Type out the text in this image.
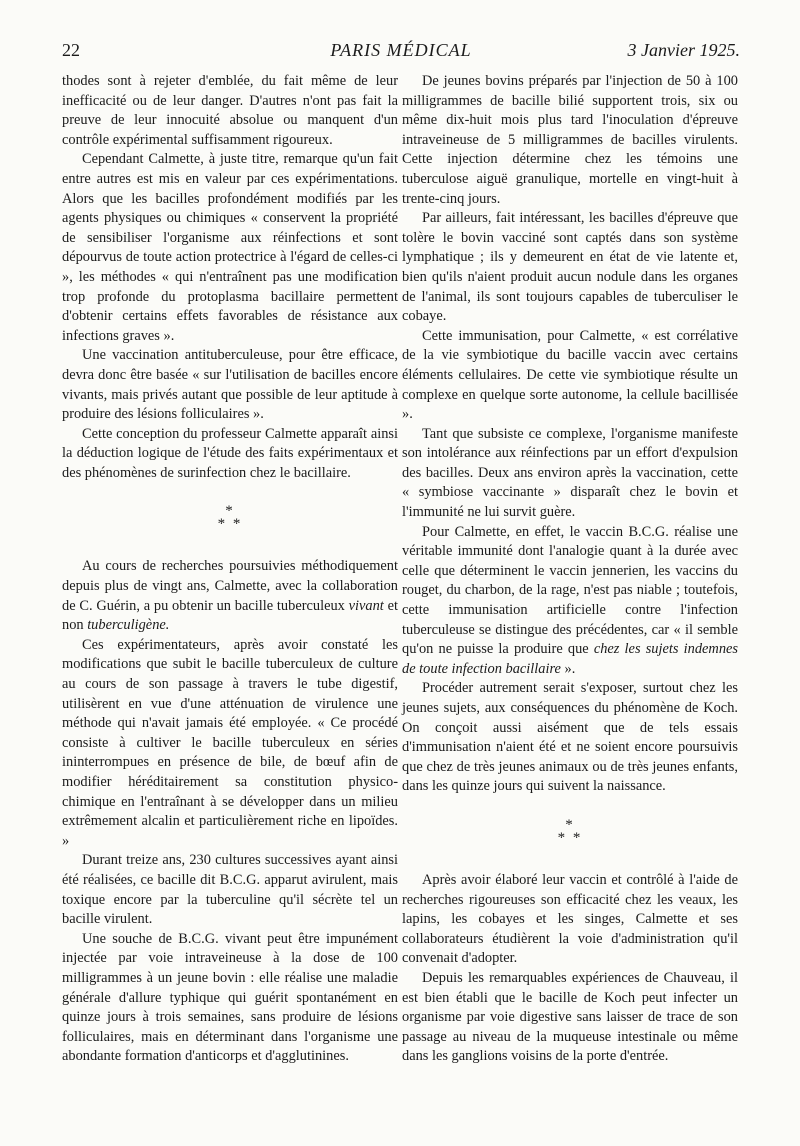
22	PARIS MÉDICAL	3 Janvier 1925.

thodes sont à rejeter d'emblée, du fait même de leur inefficacité ou de leur danger. D'autres n'ont pas fait la preuve de leur innocuité absolue ou manquent d'un contrôle expérimental suffisamment rigoureux.

Cependant Calmette, à juste titre, remarque qu'un fait entre autres est mis en valeur par ces expérimentations. Alors que les bacilles profondément modifiés par les agents physiques ou chimiques « conservent la propriété de sensibiliser l'organisme aux réinfections et sont dépourvus de toute action protectrice à l'égard de celles-ci », les méthodes « qui n'entraînent pas une modification trop profonde du protoplasma bacillaire permettent d'obtenir certains effets favorables de résistance aux infections graves ».

Une vaccination antituberculeuse, pour être efficace, devra donc être basée « sur l'utilisation de bacilles encore vivants, mais privés autant que possible de leur aptitude à produire des lésions folliculaires ».

Cette conception du professeur Calmette apparaît ainsi la déduction logique de l'étude des faits expérimentaux et des phénomènes de surinfection chez le bacillaire.

*
* *

Au cours de recherches poursuivies méthodiquement depuis plus de vingt ans, Calmette, avec la collaboration de C. Guérin, a pu obtenir un bacille tuberculeux vivant et non tuberculigène.

Ces expérimentateurs, après avoir constaté les modifications que subit le bacille tuberculeux de culture au cours de son passage à travers le tube digestif, utilisèrent en vue d'une atténuation de virulence une méthode qui n'avait jamais été employée. « Ce procédé consiste à cultiver le bacille tuberculeux en séries ininterrompues en présence de bile, de bœuf afin de modifier héréditairement sa constitution physico-chimique en l'entraînant à se développer dans un milieu extrêmement alcalin et particulièrement riche en lipoïdes. »

Durant treize ans, 230 cultures successives ayant ainsi été réalisées, ce bacille dit B.C.G. apparut avirulent, mais toxique encore par la tuberculine qu'il sécrète tel un bacille virulent.

Une souche de B.C.G. vivant peut être impunément injectée par voie intraveineuse à la dose de 100 milligrammes à un jeune bovin : elle réalise une maladie générale d'allure typhique qui guérit spontanément en quinze jours à trois semaines, sans produire de lésions folliculaires, mais en déterminant dans l'organisme une abondante formation d'anticorps et d'agglutinines.

De jeunes bovins préparés par l'injection de 50 à 100 milligrammes de bacille bilié supportent trois, six ou même dix-huit mois plus tard l'inoculation d'épreuve intraveineuse de 5 milligrammes de bacilles virulents. Cette injection détermine chez les témoins une tuberculose aiguë granulique, mortelle en vingt-huit à trente-cinq jours.

Par ailleurs, fait intéressant, les bacilles d'épreuve que tolère le bovin vacciné sont captés dans son système lymphatique ; ils y demeurent en état de vie latente et, bien qu'ils n'aient produit aucun nodule dans les organes de l'animal, ils sont toujours capables de tuberculiser le cobaye.

Cette immunisation, pour Calmette, « est corrélative de la vie symbiotique du bacille vaccin avec certains éléments cellulaires. De cette vie symbiotique résulte un complexe en quelque sorte autonome, la cellule bacillisée ».

Tant que subsiste ce complexe, l'organisme manifeste son intolérance aux réinfections par un effort d'expulsion des bacilles. Deux ans environ après la vaccination, cette « symbiose vaccinante » disparaît chez le bovin et l'immunité ne lui survit guère.

Pour Calmette, en effet, le vaccin B.C.G. réalise une véritable immunité dont l'analogie quant à la durée avec celle que déterminent le vaccin jennerien, les vaccins du rouget, du charbon, de la rage, n'est pas niable ; toutefois, cette immunisation artificielle contre l'infection tuberculeuse se distingue des précédentes, car « il semble qu'on ne puisse la produire que chez les sujets indemnes de toute infection bacillaire ».

Procéder autrement serait s'exposer, surtout chez les jeunes sujets, aux conséquences du phénomène de Koch. On conçoit aussi aisément que de tels essais d'immunisation n'aient été et ne soient encore poursuivis que chez de très jeunes animaux ou de très jeunes enfants, dans les quinze jours qui suivent la naissance.

*
* *

Après avoir élaboré leur vaccin et contrôlé à l'aide de recherches rigoureuses son efficacité chez les veaux, les lapins, les cobayes et les singes, Calmette et ses collaborateurs étudièrent la voie d'administration qu'il convenait d'adopter.

Depuis les remarquables expériences de Chauveau, il est bien établi que le bacille de Koch peut infecter un organisme par voie digestive sans laisser de trace de son passage au niveau de la muqueuse intestinale ou même dans les ganglions voisins de la porte d'entrée.
